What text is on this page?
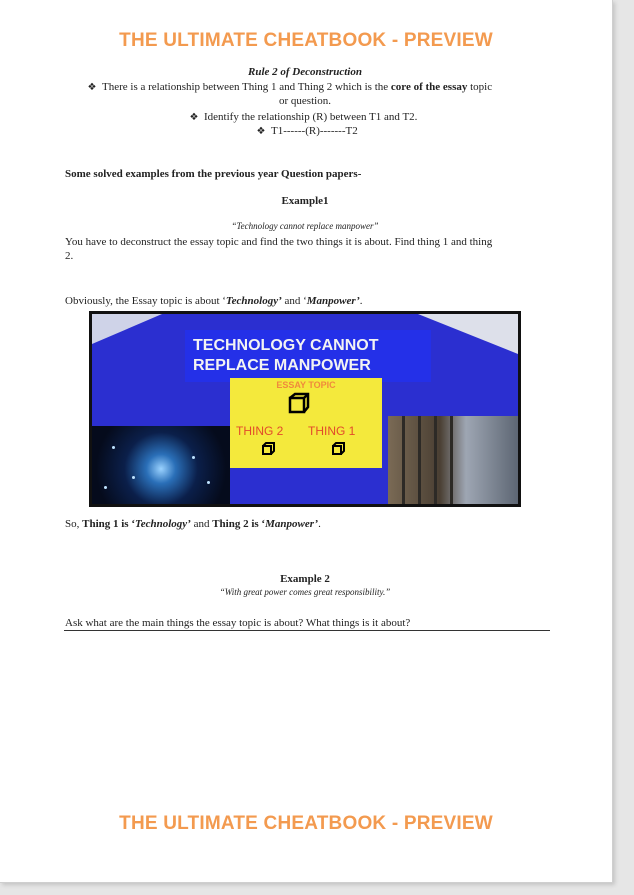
THE ULTIMATE CHEATBOOK - PREVIEW
Rule 2 of Deconstruction
❖ There is a relationship between Thing 1 and Thing 2 which is the core of the essay topic
or question.
❖ Identify the relationship (R) between T1 and T2.
❖ T1------(R)-------T2
Some solved examples from the previous year Question papers-
Example1
“Technology cannot replace manpower”
You have to deconstruct the essay topic and find the two things it is about. Find thing 1 and thing
2.
Obviously, the Essay topic is about ‘Technology’ and ‘Manpower’.
TECHNOLOGY CANNOT
REPLACE MANPOWER
ESSAY TOPIC
THING 2 THING 1
So, Thing 1 is ‘Technology’ and Thing 2 is ‘Manpower’.
Example 2
“With great power comes great responsibility.”
Ask what are the main things the essay topic is about? What things is it about?
THE ULTIMATE CHEATBOOK - PREVIEW
